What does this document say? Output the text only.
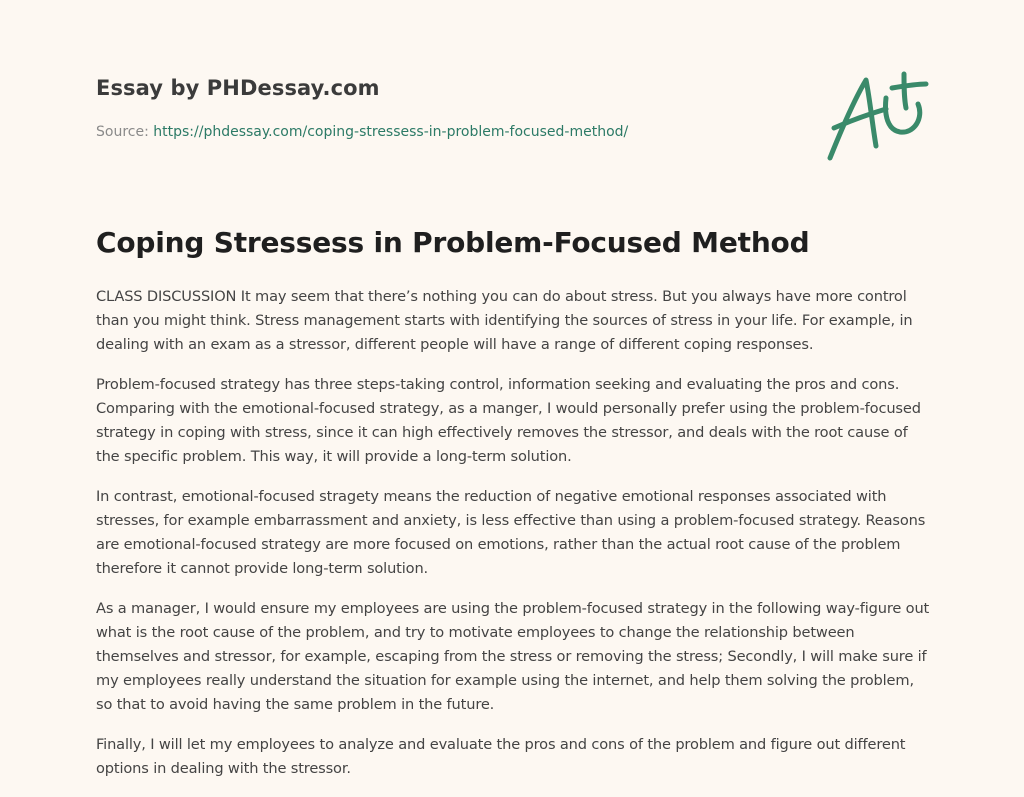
Essay by PHDessay.com
Source: https://phdessay.com/coping-stressess-in-problem-focused-method/
Coping Stressess in Problem-Focused Method

CLASS DISCUSSION It may seem that there’s nothing you can do about stress. But you always have more control than you might think. Stress management starts with identifying the sources of stress in your life. For example, in dealing with an exam as a stressor, different people will have a range of different coping responses.

Problem-focused strategy has three steps-taking control, information seeking and evaluating the pros and cons. Comparing with the emotional-focused strategy, as a manger, I would personally prefer using the problem-focused strategy in coping with stress, since it can high effectively removes the stressor, and deals with the root cause of the specific problem. This way, it will provide a long-term solution.

In contrast, emotional-focused stragety means the reduction of negative emotional responses associated with stresses, for example embarrassment and anxiety, is less effective than using a problem-focused strategy. Reasons are emotional-focused strategy are more focused on emotions, rather than the actual root cause of the problem therefore it cannot provide long-term solution.

As a manager, I would ensure my employees are using the problem-focused strategy in the following way-figure out what is the root cause of the problem, and try to motivate employees to change the relationship between themselves and stressor, for example, escaping from the stress or removing the stress; Secondly, I will make sure if my employees really understand the situation for example using the internet, and help them solving the problem, so that to avoid having the same problem in the future.

Finally, I will let my employees to analyze and evaluate the pros and cons of the problem and figure out different options in dealing with the stressor.
